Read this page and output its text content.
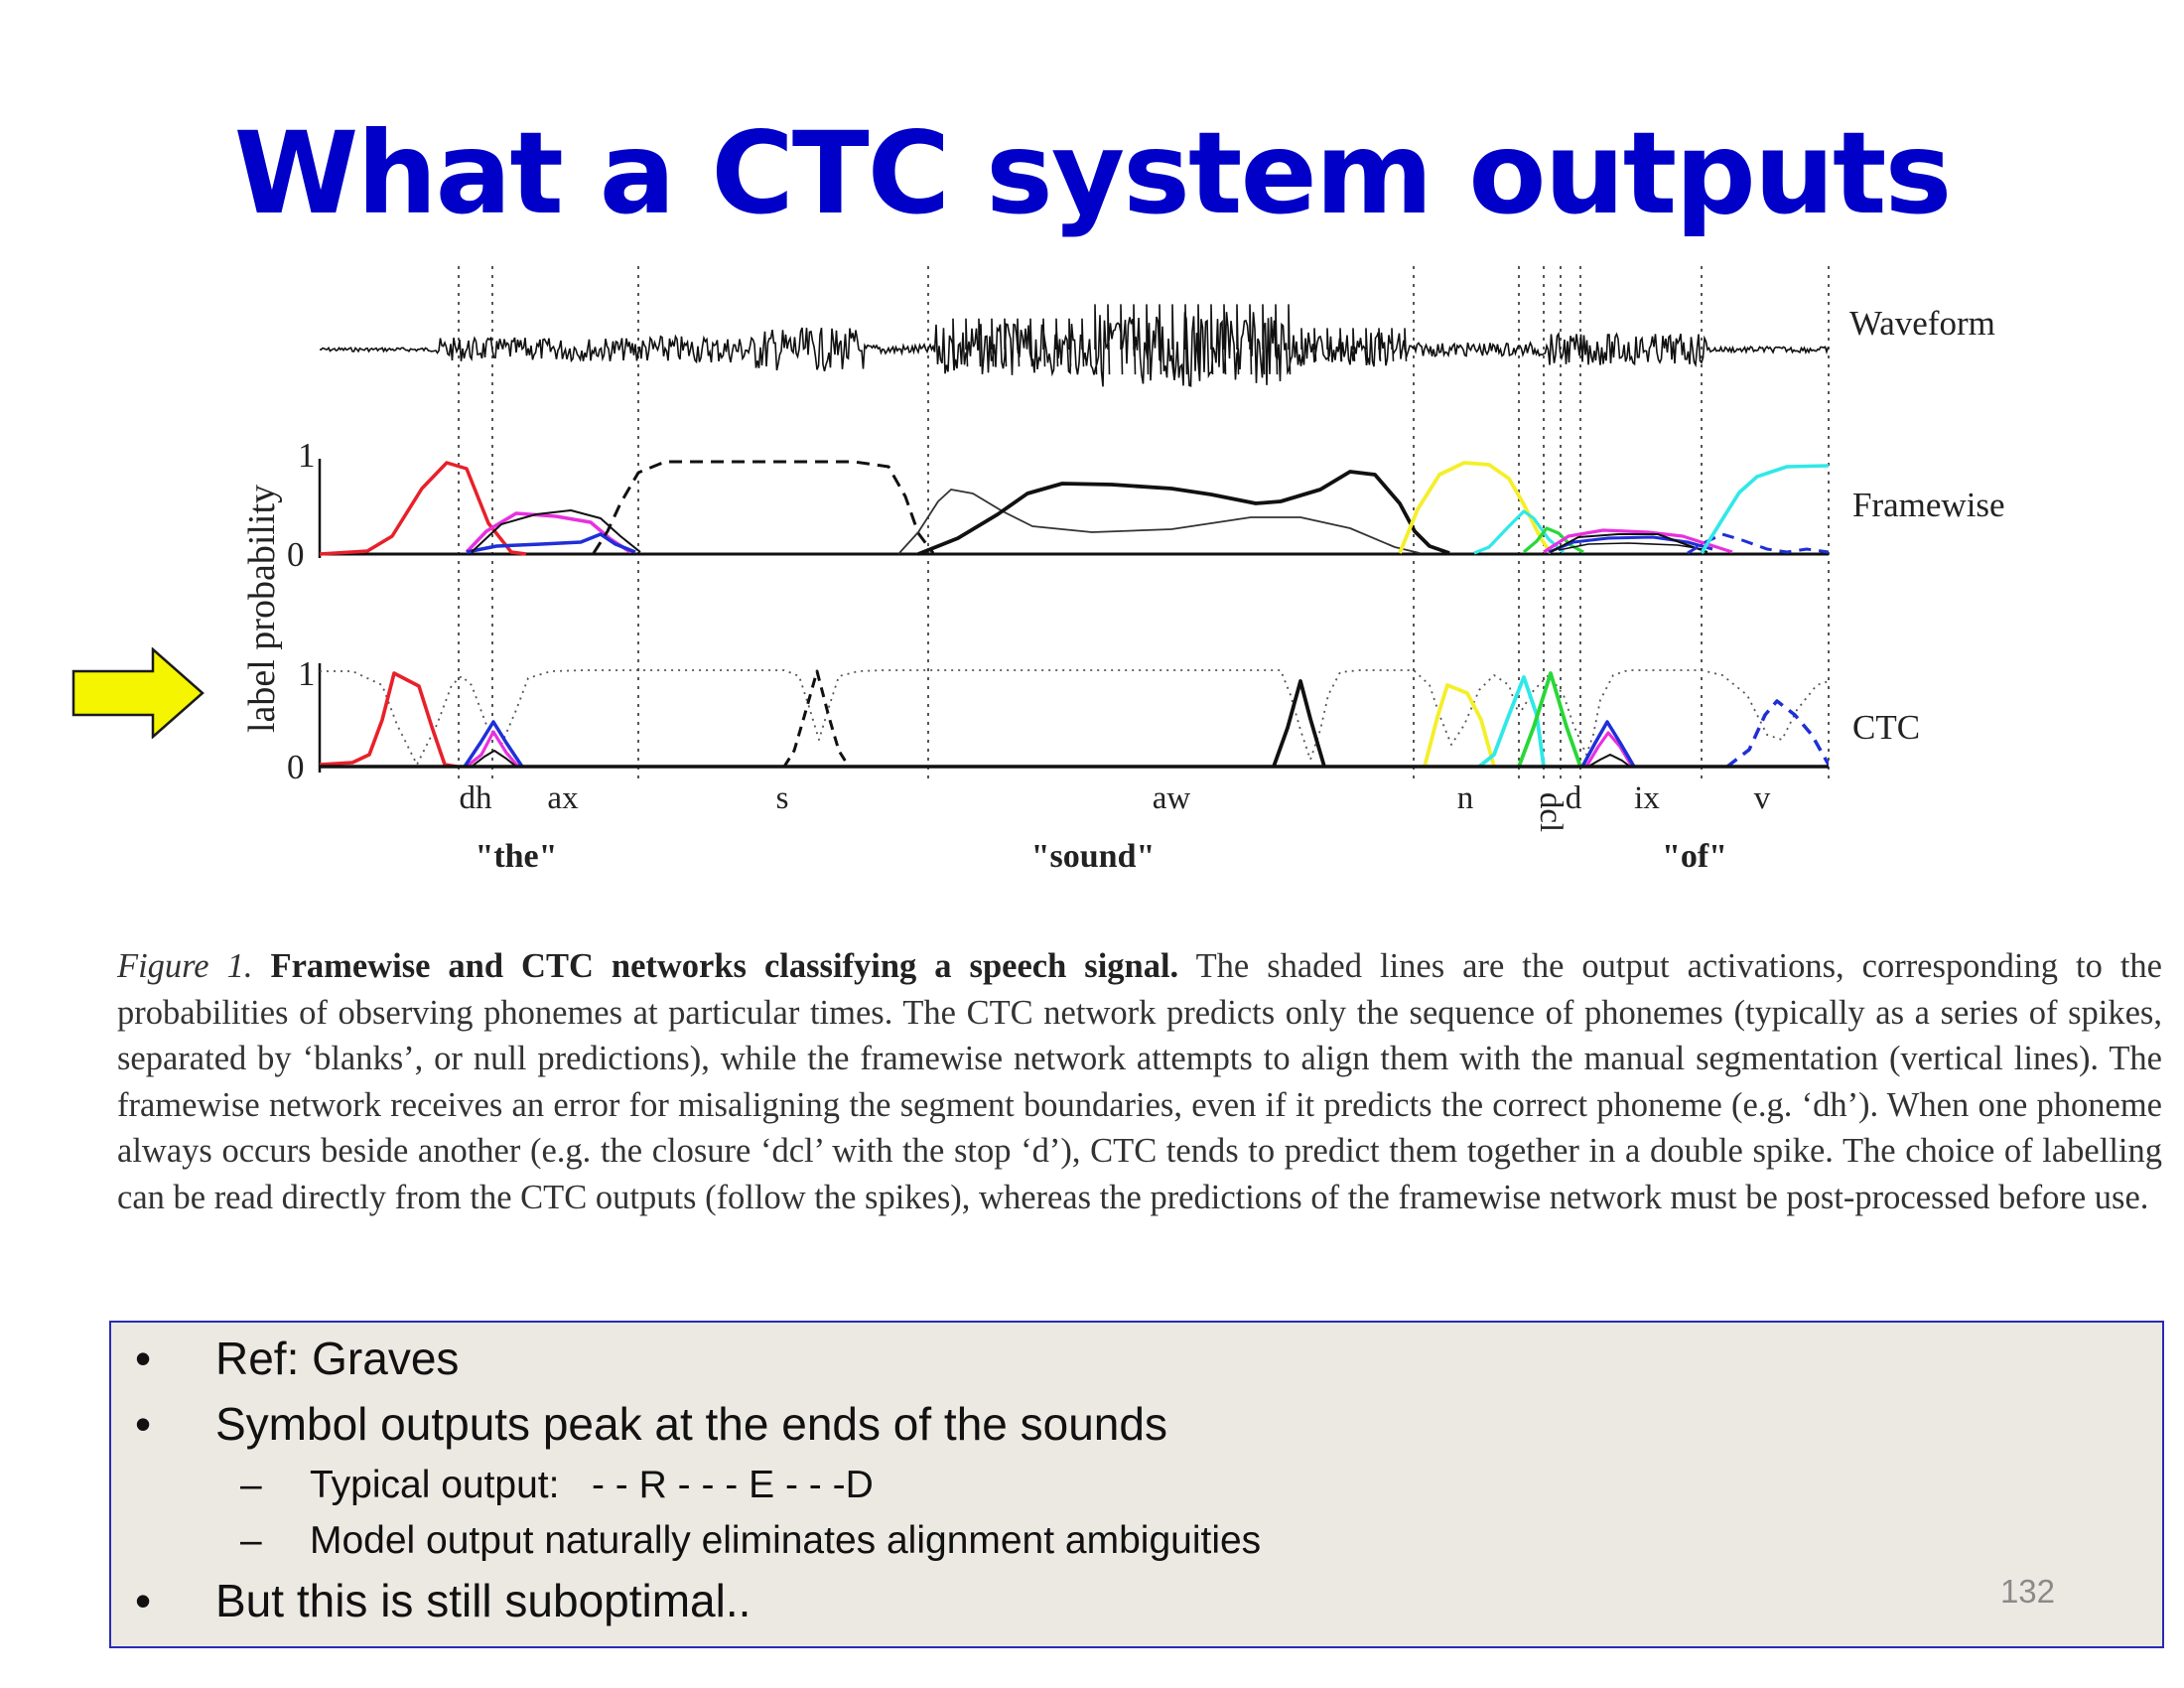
What a CTC system outputs
Waveform
Framewise
CTC
1
0
1
0
label probability
dh ax	s	aw	n dcl
d ix	v
"the"	"sound"	"of"

Figure 1. Framewise and CTC networks classifying a speech signal. The shaded lines are the output activations, corresponding to the probabilities of observing phonemes at particular times. The CTC network predicts only the sequence of phonemes (typically as a series of spikes, separated by ‘blanks’, or null predictions), while the framewise network attempts to align them with the manual segmentation (vertical lines). The framewise network receives an error for misaligning the segment boundaries, even if it predicts the correct phoneme (e.g. ‘dh’). When one phoneme always occurs beside another (e.g. the closure ‘dcl’ with the stop ‘d’), CTC tends to predict them together in a double spike. The choice of labelling can be read directly from the CTC outputs (follow the spikes), whereas the predictions of the framewise network must be post-processed before use.

• Ref: Graves
• Symbol outputs peak at the ends of the sounds
– Typical output:   - - R - - - E - - -D
– Model output naturally eliminates alignment ambiguities
• But this is still suboptimal..	132
